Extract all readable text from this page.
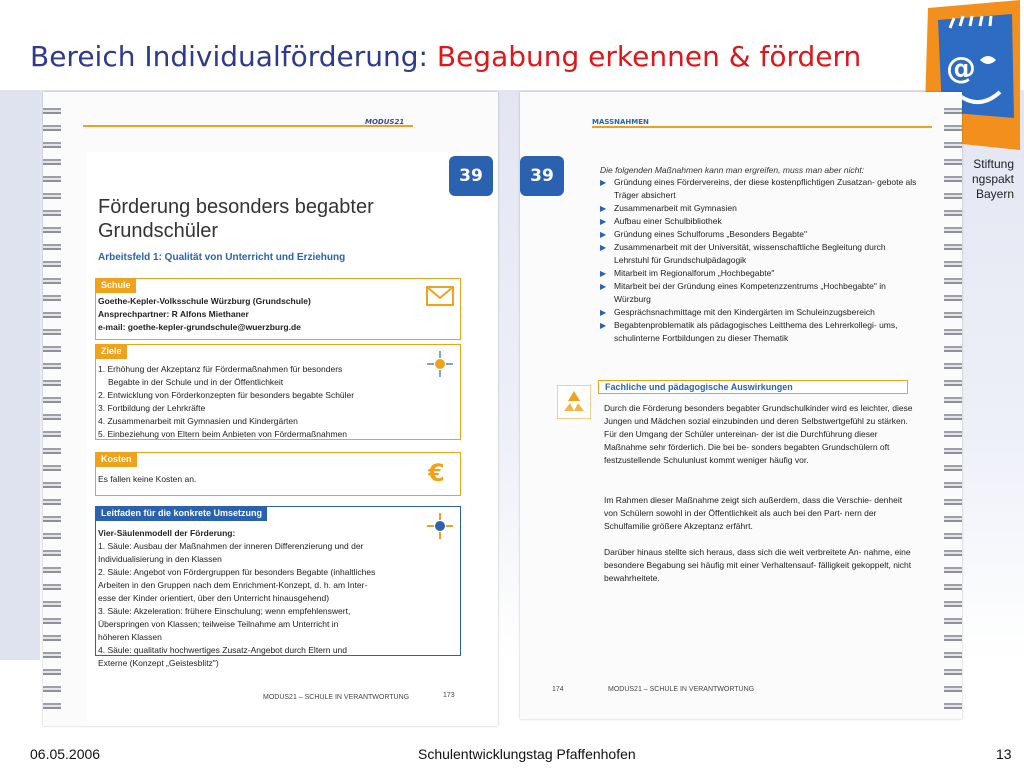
Bereich Individualförderung: Begabung erkennen & fördern	@
Stiftung
ngspakt
Bayern
MODUS21
39
Förderung besonders begabter Grundschüler
Arbeitsfeld 1: Qualität von Unterricht und Erziehung
Schule
Goethe-Kepler-Volksschule Würzburg (Grundschule)
Ansprechpartner: R Alfons Miethaner
e-mail: goethe-kepler-grundschule@wuerzburg.de
Ziele
1. Erhöhung der Akzeptanz für Fördermaßnahmen für besonders
Begabte in der Schule und in der Öffentlichkeit
2. Entwicklung von Förderkonzepten für besonders begabte Schüler
3. Fortbildung der Lehrkräfte
4. Zusammenarbeit mit Gymnasien und Kindergärten
5. Einbeziehung von Eltern beim Anbieten von Fördermaßnahmen
Kosten
Es fallen keine Kosten an.	€
Leitfaden für die konkrete Umsetzung
Vier-Säulenmodell der Förderung:
1. Säule: Ausbau der Maßnahmen der inneren Differenzierung und der
Individualisierung in den Klassen
2. Säule: Angebot von Fördergruppen für besonders Begabte (inhaltliches
Arbeiten in den Gruppen nach dem Enrichment-Konzept, d. h. am Inter-
esse der Kinder orientiert, über den Unterricht hinausgehend)
3. Säule: Akzeleration: frühere Einschulung; wenn empfehlenswert,
Überspringen von Klassen; teilweise Teilnahme am Unterricht in
höheren Klassen
4. Säule: qualitativ hochwertiges Zusatz-Angebot durch Eltern und
Externe (Konzept „Geistesblitz")
MODUS21 – SCHULE IN VERANTWORTUNG	173
MASSNAHMEN
39	Die folgenden Maßnahmen kann man ergreifen, muss man aber nicht:
▶ Gründung eines Fördervereins, der diese kostenpflichtigen Zusatzan- gebote als Träger absichert
▶ Zusammenarbeit mit Gymnasien
▶ Aufbau einer Schulbibliothek
▶ Gründung eines Schulforums „Besonders Begabte"
▶ Zusammenarbeit mit der Universität, wissenschaftliche Begleitung durch Lehrstuhl für Grundschulpädagogik
▶ Mitarbeit im Regionalforum „Hochbegabte"
▶ Mitarbeit bei der Gründung eines Kompetenzzentrums „Hochbegabte" in Würzburg
▶ Gesprächsnachmittage mit den Kindergärten im Schuleinzugsbereich
▶ Begabtenproblematik als pädagogisches Leitthema des Lehrerkollegi- ums, schulinterne Fortbildungen zu dieser Thematik
Fachliche und pädagogische Auswirkungen
Durch die Förderung besonders begabter Grundschulkinder wird es leichter, diese Jungen und Mädchen sozial einzubinden und deren Selbstwertgefühl zu stärken. Für den Umgang der Schüler untereinan- der ist die Durchführung dieser Maßnahme sehr förderlich. Die bei be- sonders begabten Grundschülern oft festzustellende Schulunlust kommt weniger häufig vor.
Im Rahmen dieser Maßnahme zeigt sich außerdem, dass die Verschie- denheit von Schülern sowohl in der Öffentlichkeit als auch bei den Part- nern der Schulfamilie größere Akzeptanz erfährt.
Darüber hinaus stellte sich heraus, dass sich die weit verbreitete An- nahme, eine besondere Begabung sei häufig mit einer Verhaltensauf- fälligkeit gekoppelt, nicht bewahrheitete.
174	MODUS21 – SCHULE IN VERANTWORTUNG
06.05.2006	Schulentwicklungstag Pfaffenhofen	13
